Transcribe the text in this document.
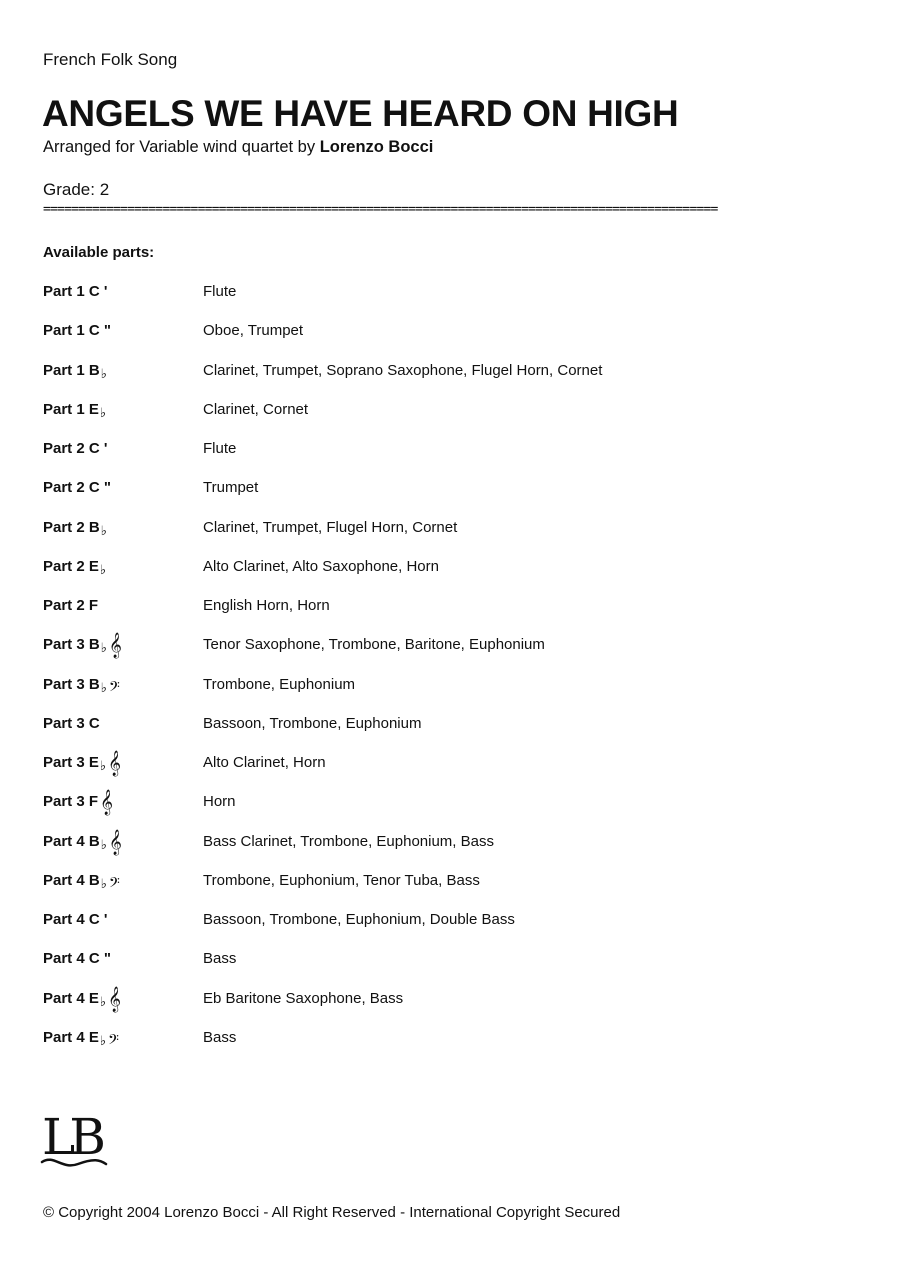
French Folk Song
ANGELS WE HAVE HEARD ON HIGH
Arranged for Variable wind quartet by Lorenzo Bocci
Grade: 2
================================================================================================
Available parts:
Part 1 C '	Flute
Part 1 C "	Oboe, Trumpet
Part 1 B♭	Clarinet, Trumpet, Soprano Saxophone, Flugel Horn, Cornet
Part 1 E♭	Clarinet, Cornet
Part 2 C '	Flute
Part 2 C "	Trumpet
Part 2 B♭	Clarinet, Trumpet, Flugel Horn, Cornet
Part 2 E♭	Alto Clarinet, Alto Saxophone, Horn
Part 2 F	English Horn, Horn
Part 3 B♭𝄞	Tenor Saxophone, Trombone, Baritone, Euphonium
Part 3 B♭ 𝄢	Trombone, Euphonium
Part 3 C	Bassoon, Trombone, Euphonium
Part 3 E♭𝄞	Alto Clarinet, Horn
Part 3 F𝄞	Horn
Part 4 B♭𝄞	Bass Clarinet, Trombone, Euphonium, Bass
Part 4 B♭ 𝄢	Trombone, Euphonium, Tenor Tuba, Bass
Part 4 C '	Bassoon, Trombone, Euphonium, Double Bass
Part 4 C "	Bass
Part 4 E♭𝄞	Eb Baritone Saxophone, Bass
Part 4 E♭ 𝄢	Bass
LB
© Copyright 2004 Lorenzo Bocci - All Right Reserved - International Copyright Secured
